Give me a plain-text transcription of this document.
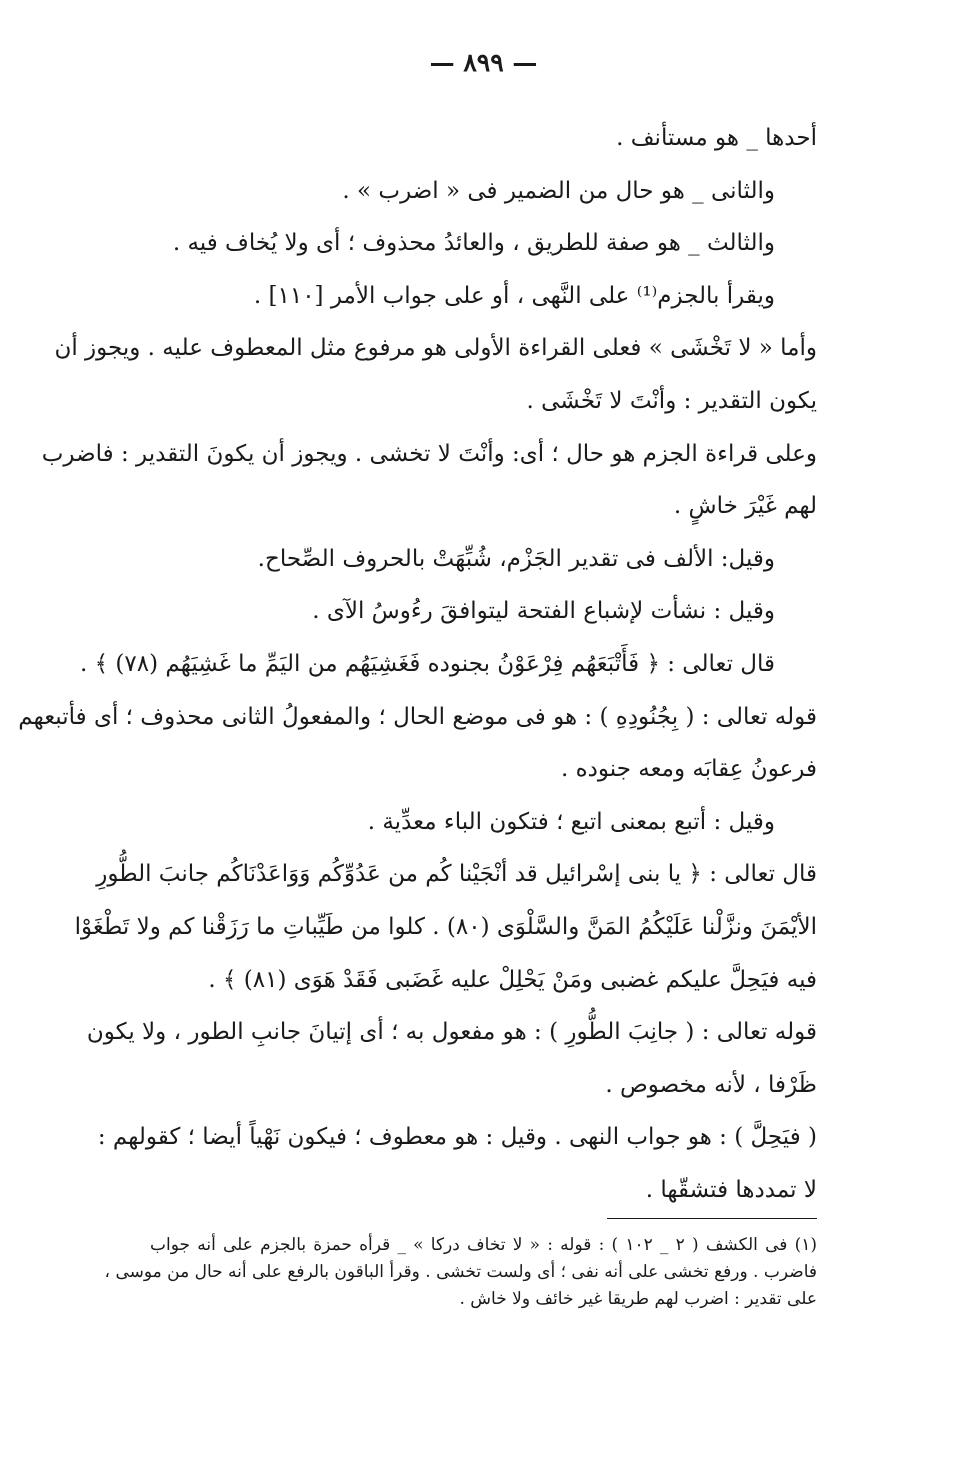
— ٨٩٩ —
أحدها _ هو مستأنف .
والثانى _ هو حال من الضمير فى « اضرب » .
والثالث _ هو صفة للطريق ، والعائدُ محذوف ؛ أى ولا يُخاف فيه .
ويقرأ بالجزم⁽¹⁾ على النَّهى ، أو على جواب الأمر [١١٠] .
وأما « لا تَخْشَى » فعلى القراءة الأولى هو مرفوع مثل المعطوف عليه . ويجوز أن
يكون التقدير : وأنْتَ لا تَخْشَى .
وعلى قراءة الجزم هو حال ؛ أى: وأنْتَ لا تخشى . ويجوز أن يكونَ التقدير : فاضرب
لهم غَيْرَ خاشٍ .
وقيل: الألف فى تقدير الجَزْم، شُبِّهَتْ بالحروف الصِّحاح.
وقيل : نشأت لإشباع الفتحة ليتوافقَ رءُوسُ الآى .
قال تعالى : ﴿ فَأَتْبَعَهُم فِرْعَوْنُ بجنوده فَغَشِيَهُم من اليَمِّ ما غَشِيَهُم (٧٨) ﴾ .
قوله تعالى : ( بِجُنُودِهِ ) : هو فى موضع الحال ؛ والمفعولُ الثانى محذوف ؛ أى فأتبعهم
فرعونُ عِقابَه ومعه جنوده .
وقيل : أتبع بمعنى اتبع ؛ فتكون الباء معدِّية .
قال تعالى : ﴿ يا بنى إسْرائيل قد أنْجَيْنا كُم من عَدُوِّكُم وَوَاعَدْنَاكُم جانبَ الطُّورِ
الأيْمَنَ ونزَّلْنا عَلَيْكُمُ المَنَّ والسَّلْوَى (٨٠) . كلوا من طَيِّباتِ ما رَزَقْنا كم ولا تَطْغَوْا
فيه فيَحِلَّ عليكم غضبى ومَنْ يَحْلِلْ عليه غَضَبى فَقَدْ هَوَى (٨١) ﴾ .
قوله تعالى : ( جانِبَ الطُّورِ ) : هو مفعول به ؛ أى إتيانَ جانبِ الطور ، ولا يكون
ظَرْفا ، لأنه مخصوص .
( فيَحِلَّ ) : هو جواب النهى . وقيل : هو معطوف ؛ فيكون نَهْياً أيضا ؛ كقولهم :
لا تمددها فتشقّها .
(١) فى الكشف ( ٢ _ ١٠٢ ) : قوله : « لا تخاف دركا » _ قرأه حمزة بالجزم على أنه جواب
فاضرب . ورفع تخشى على أنه نفى ؛ أى ولست تخشى . وقرأ الباقون بالرفع على أنه حال من موسى ،
على تقدير : اضرب لهم طريقا غير خائف ولا خاش .
